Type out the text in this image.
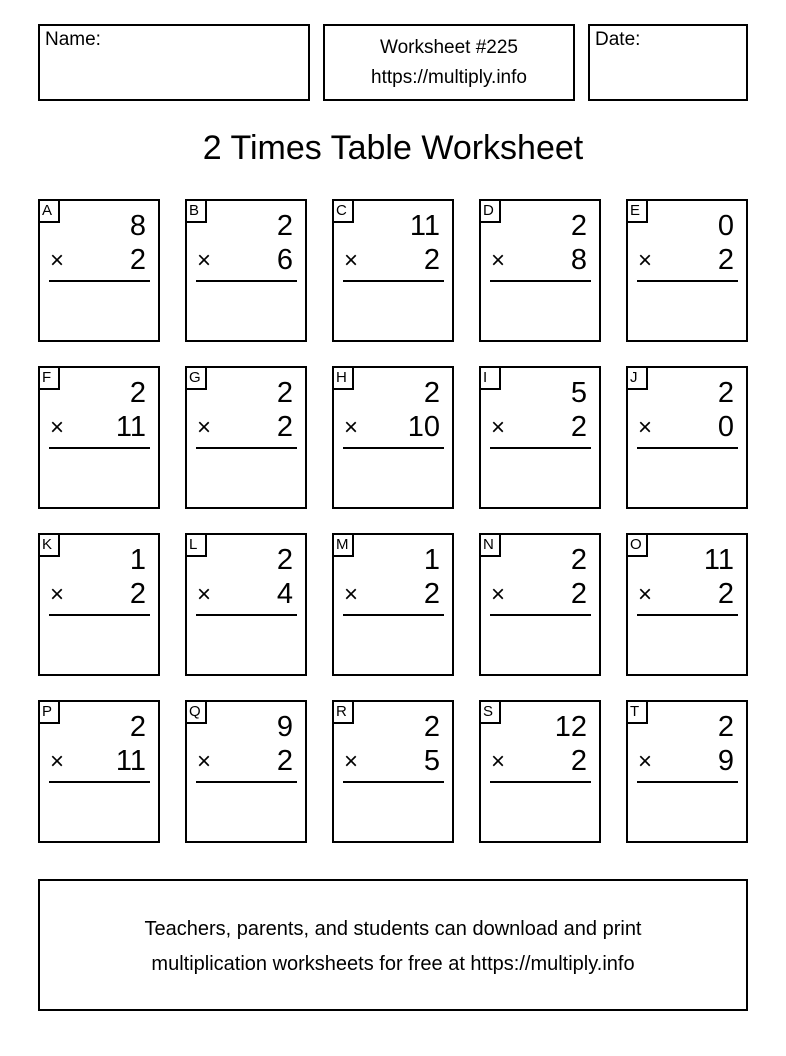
Name:	Worksheet #225
https://multiply.info
Date:
2 Times Table Worksheet
A	8
× 2
B	2
× 6
C 11
× 2
D	2
× 8
E	0
× 2
F	2
× 11
G	2
× 2
H	2
× 10
I	5
× 2
J	2
× 0
K	1
× 2
L	2
× 4
M	1
× 2
N	2
× 2
O 11
× 2
P	2
× 11
Q	9
× 2
R	2
× 5
S 12
× 2
T	2
× 9
Teachers, parents, and students can download and print
multiplication worksheets for free at https://multiply.info
